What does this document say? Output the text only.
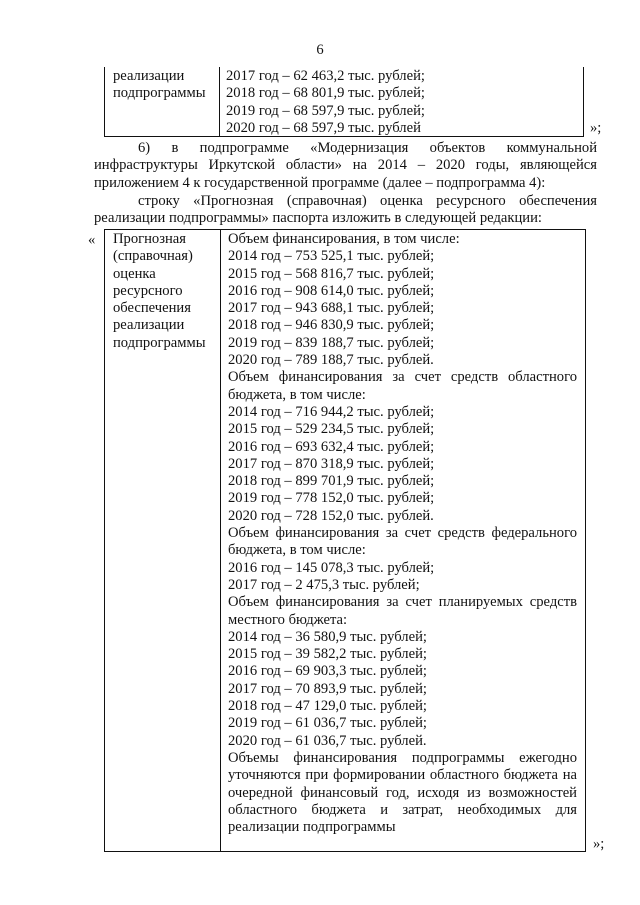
6
реализации
подпрограммы
2017 год – 62 463,2 тыс. рублей;
2018 год – 68 801,9 тыс. рублей;
2019 год – 68 597,9 тыс. рублей;
2020 год – 68 597,9 тыс. рублей	»;
6) в подпрограмме «Модернизация объектов коммунальной
инфраструктуры Иркутской области» на 2014 – 2020 годы, являющейся
приложением 4 к государственной программе (далее – подпрограмма 4):
строку «Прогнозная (справочная) оценка ресурсного обеспечения
реализации подпрограммы» паспорта изложить в следующей редакции:
« Прогнозная
(справочная)
оценка
ресурсного
обеспечения
реализации
подпрограммы
Объем финансирования, в том числе:
2014 год – 753 525,1 тыс. рублей;
2015 год – 568 816,7 тыс. рублей;
2016 год – 908 614,0 тыс. рублей;
2017 год – 943 688,1 тыс. рублей;
2018 год – 946 830,9 тыс. рублей;
2019 год – 839 188,7 тыс. рублей;
2020 год – 789 188,7 тыс. рублей.
Объем финансирования за счет средств областного
бюджета, в том числе:
2014 год – 716 944,2 тыс. рублей;
2015 год – 529 234,5 тыс. рублей;
2016 год – 693 632,4 тыс. рублей;
2017 год – 870 318,9 тыс. рублей;
2018 год – 899 701,9 тыс. рублей;
2019 год – 778 152,0 тыс. рублей;
2020 год – 728 152,0 тыс. рублей.
Объем финансирования за счет средств федерального
бюджета, в том числе:
2016 год – 145 078,3 тыс. рублей;
2017 год – 2 475,3 тыс. рублей;
Объем финансирования за счет планируемых средств
местного бюджета:
2014 год – 36 580,9 тыс. рублей;
2015 год – 39 582,2 тыс. рублей;
2016 год – 69 903,3 тыс. рублей;
2017 год – 70 893,9 тыс. рублей;
2018 год – 47 129,0 тыс. рублей;
2019 год – 61 036,7 тыс. рублей;
2020 год – 61 036,7 тыс. рублей.
Объемы финансирования подпрограммы ежегодно
уточняются при формировании областного бюджета на
очередной финансовый год, исходя из возможностей
областного бюджета и затрат, необходимых для
реализации подпрограммы
»;
